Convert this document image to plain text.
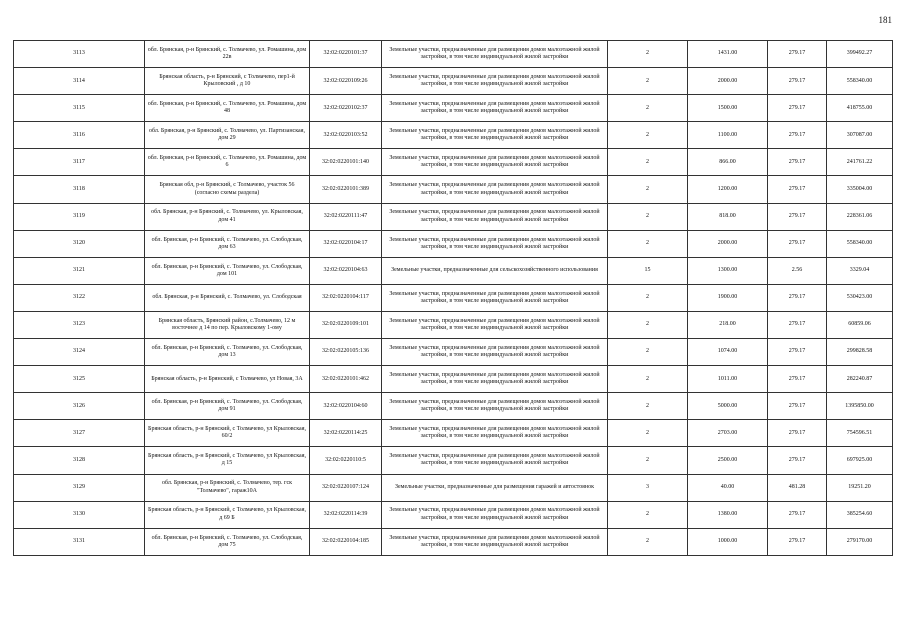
181
3113	обл. Брянская, р-н Брянский, с. Толмачево, ул. Ромашина, дом 22в	32:02:0220101:37	Земельные участки, предназначенные для размещения домов малоэтажной жилой застройки, в том числе индивидуальной жилой застройки	2	1431.00	279.17	399492.27
3114	Брянская область, р-н Брянский, с Толмачево, пер1-й Крыловский , д 10	32:02:0220109:26	Земельные участки, предназначенные для размещения домов малоэтажной жилой застройки, в том числе индивидуальной жилой застройки	2	2000.00	279.17	558340.00
3115	обл. Брянская, р-н Брянский, с. Толмачево, ул. Ромашина, дом 48	32:02:0220102:37	Земельные участки, предназначенные для размещения домов малоэтажной жилой застройки, в том числе индивидуальной жилой застройки	2	1500.00	279.17	418755.00
3116	обл. Брянская, р-н Брянский, с. Толмачево, ул. Партизанская, дом 29	32:02:0220103:52	Земельные участки, предназначенные для размещения домов малоэтажной жилой застройки, в том числе индивидуальной жилой застройки	2	1100.00	279.17	307087.00
3117	обл. Брянская, р-н Брянский, с. Толмачево, ул. Ромашина, дом 6	32:02:0220101:140	Земельные участки, предназначенные для размещения домов малоэтажной жилой застройки, в том числе индивидуальной жилой застройки	2	866.00	279.17	241761.22
3118	Брянская обл, р-н Брянский, с Толмачево, участок 56 (согласно схемы раздела)	32:02:0220101:389	Земельные участки, предназначенные для размещения домов малоэтажной жилой застройки, в том числе индивидуальной жилой застройки	2	1200.00	279.17	335004.00
3119	обл. Брянская, р-н Брянский, с. Толмачево, ул. Крыловская, дом 41	32:02:0220111:47	Земельные участки, предназначенные для размещения домов малоэтажной жилой застройки, в том числе индивидуальной жилой застройки	2	818.00	279.17	228361.06
3120	обл. Брянская, р-н Брянский, с. Толмачево, ул. Слободская, дом 63	32:02:0220104:17	Земельные участки, предназначенные для размещения домов малоэтажной жилой застройки, в том числе индивидуальной жилой застройки	2	2000.00	279.17	558340.00
3121	обл. Брянская, р-н Брянский, с. Толмачево, ул. Слободская, дом 101	32:02:0220104:63	Земельные участки, предназначенные для сельскохозяйственного использования	15	1300.00	2.56	3329.04
3122	обл. Брянская, р-н Брянский, с. Толмачево, ул. Слободская	32:02:0220104:117	Земельные участки, предназначенные для размещения домов малоэтажной жилой застройки, в том числе индивидуальной жилой застройки	2	1900.00	279.17	530423.00
3123	Брянская область, Брянский район, с.Толмачево, 12 м восточнее д 14 по пер. Крыловскому 1-ому	32:02:0220109:101	Земельные участки, предназначенные для размещения домов малоэтажной жилой застройки, в том числе индивидуальной жилой застройки	2	218.00	279.17	60859.06
3124	обл. Брянская, р-н Брянский, с. Толмачево, ул. Слободская, дом 13	32:02:0220105:136	Земельные участки, предназначенные для размещения домов малоэтажной жилой застройки, в том числе индивидуальной жилой застройки	2	1074.00	279.17	299828.58
3125	Брянская область, р-н Брянский, с Толмачево, ул Новая, 3А	32:02:0220101:462	Земельные участки, предназначенные для размещения домов малоэтажной жилой застройки, в том числе индивидуальной жилой застройки	2	1011.00	279.17	282240.87
3126	обл. Брянская, р-н Брянский, с. Толмачево, ул. Слободская, дом 91	32:02:0220104:60	Земельные участки, предназначенные для размещения домов малоэтажной жилой застройки, в том числе индивидуальной жилой застройки	2	5000.00	279.17	1395850.00
3127	Брянская область, р-н Брянский, с Толмачево, ул Крыловская, 60/2	32:02:0220114:25	Земельные участки, предназначенные для размещения домов малоэтажной жилой застройки, в том числе индивидуальной жилой застройки	2	2703.00	279.17	754596.51
3128	Брянская область, р-н Брянский, с Толмачево, ул Крыловская, д 15	32:02:0220110:5	Земельные участки, предназначенные для размещения домов малоэтажной жилой застройки, в том числе индивидуальной жилой застройки	2	2500.00	279.17	697925.00
3129	обл. Брянская, р-н Брянский, с. Толмачево, тер. гск "Толмачево", гараж10А	32:02:0220107:124	Земельные участки, предназначенные для размещения гаражей и автостоянок	3	40.00	481.28	19251.20
3130	Брянская область, р-н Брянский, с Толмачево, ул Крыловская, д 69 Б	32:02:0220114:39	Земельные участки, предназначенные для размещения домов малоэтажной жилой застройки, в том числе индивидуальной жилой застройки	2	1380.00	279.17	385254.60
3131	обл. Брянская, р-н Брянский, с. Толмачево, ул. Слободская, дом 75	32:02:0220104:185	Земельные участки, предназначенные для размещения домов малоэтажной жилой застройки, в том числе индивидуальной жилой застройки	2	1000.00	279.17	279170.00
